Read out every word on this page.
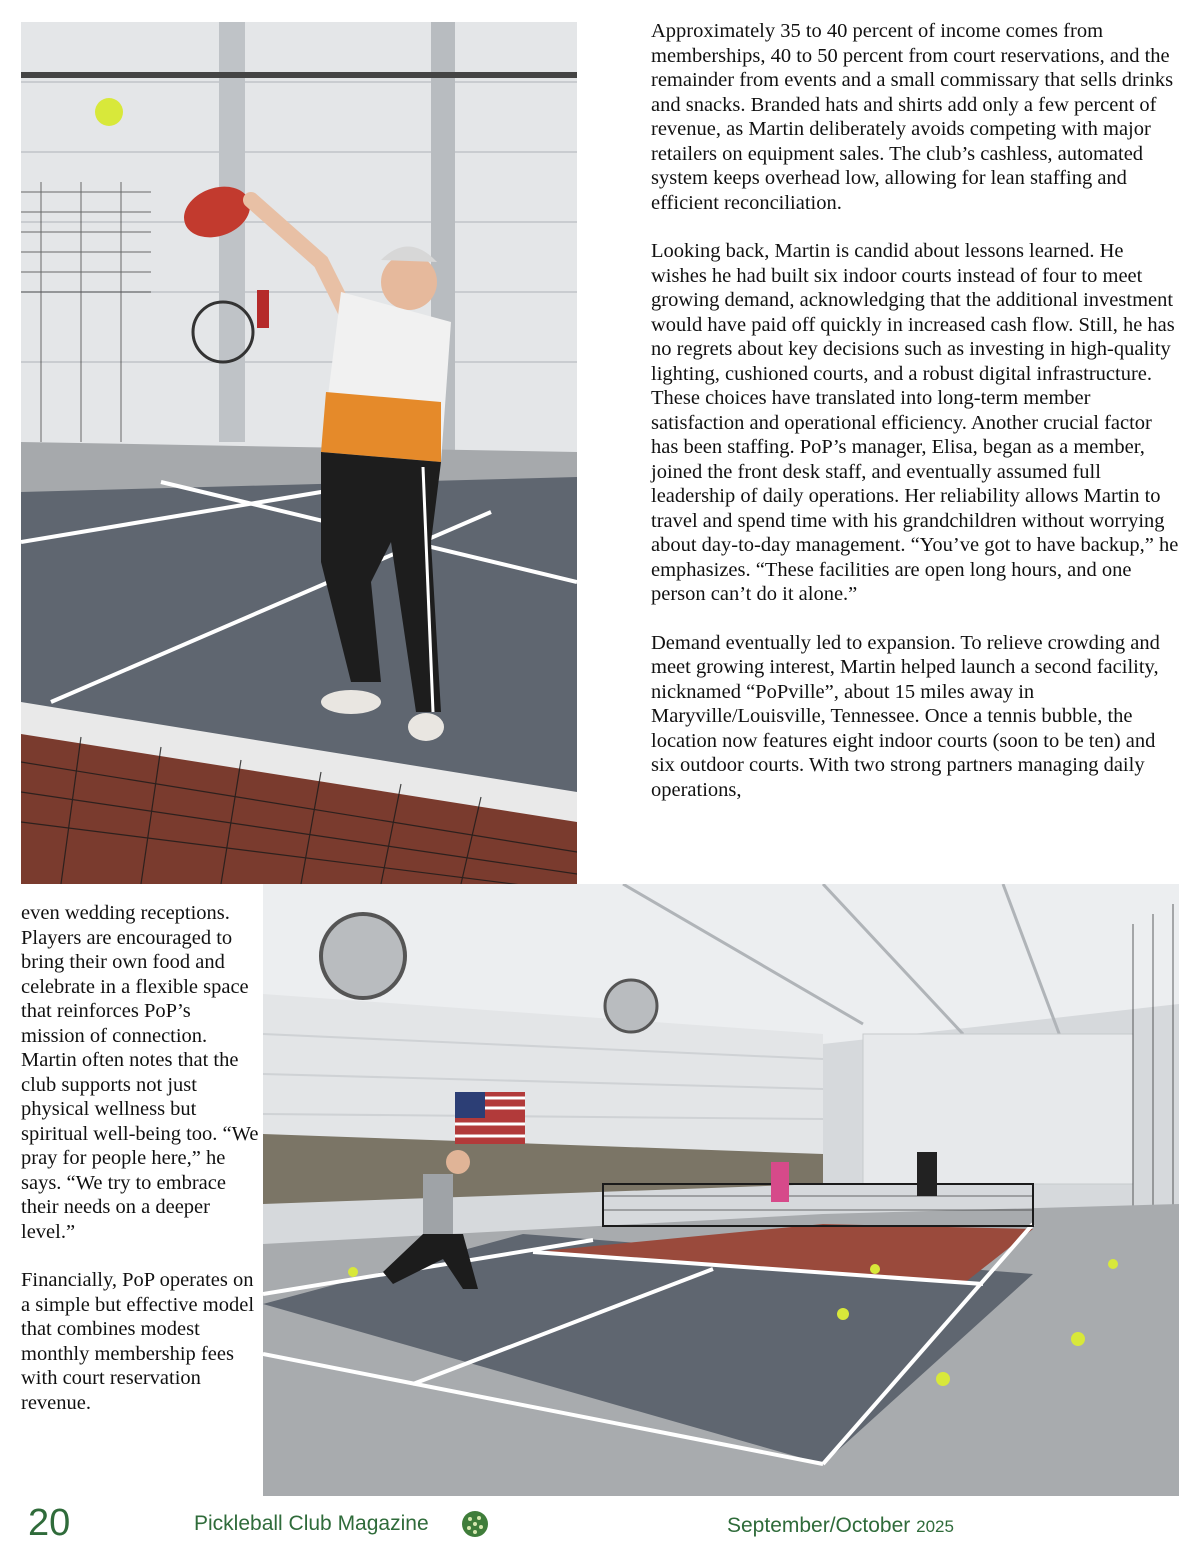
Approximately 35 to 40 percent of income comes from memberships, 40 to 50 percent from court reservations, and the remainder from events and a small commissary that sells drinks and snacks. Branded hats and shirts add only a few percent of revenue, as Martin deliberately avoids competing with major retailers on equipment sales. The club’s cashless, automated system keeps overhead low, allowing for lean staffing and efficient reconciliation.

Looking back, Martin is candid about lessons learned. He wishes he had built six indoor courts instead of four to meet growing demand, acknowledging that the additional investment would have paid off quickly in increased cash flow. Still, he has no regrets about key decisions such as investing in high-quality lighting, cushioned courts, and a robust digital infrastructure. These choices have translated into long-term member satisfaction and operational efficiency. Another crucial factor has been staffing. PoP’s manager, Elisa, began as a member, joined the front desk staff, and eventually assumed full leadership of daily operations. Her reliability allows Martin to travel and spend time with his grandchildren without worrying about day-to-day management. “You’ve got to have backup,” he emphasizes. “These facilities are open long hours, and one person can’t do it alone.”

Demand eventually led to expansion. To relieve crowding and meet growing interest, Martin helped launch a second facility, nicknamed “PoPville”, about 15 miles away in Maryville/Louisville, Tennessee. Once a tennis bubble, the location now features eight indoor courts (soon to be ten) and six outdoor courts. With two strong partners managing daily operations,

even wedding receptions. Players are encouraged to bring their own food and celebrate in a flexible space that reinforces PoP’s mission of connection. Martin often notes that the club supports not just physical wellness but spiritual well-being too. “We pray for people here,” he says. “We try to embrace their needs on a deeper level.”

Financially, PoP operates on a simple but effective model that combines modest monthly membership fees with court reservation revenue.

20	Pickleball Club Magazine	September/October 2025
